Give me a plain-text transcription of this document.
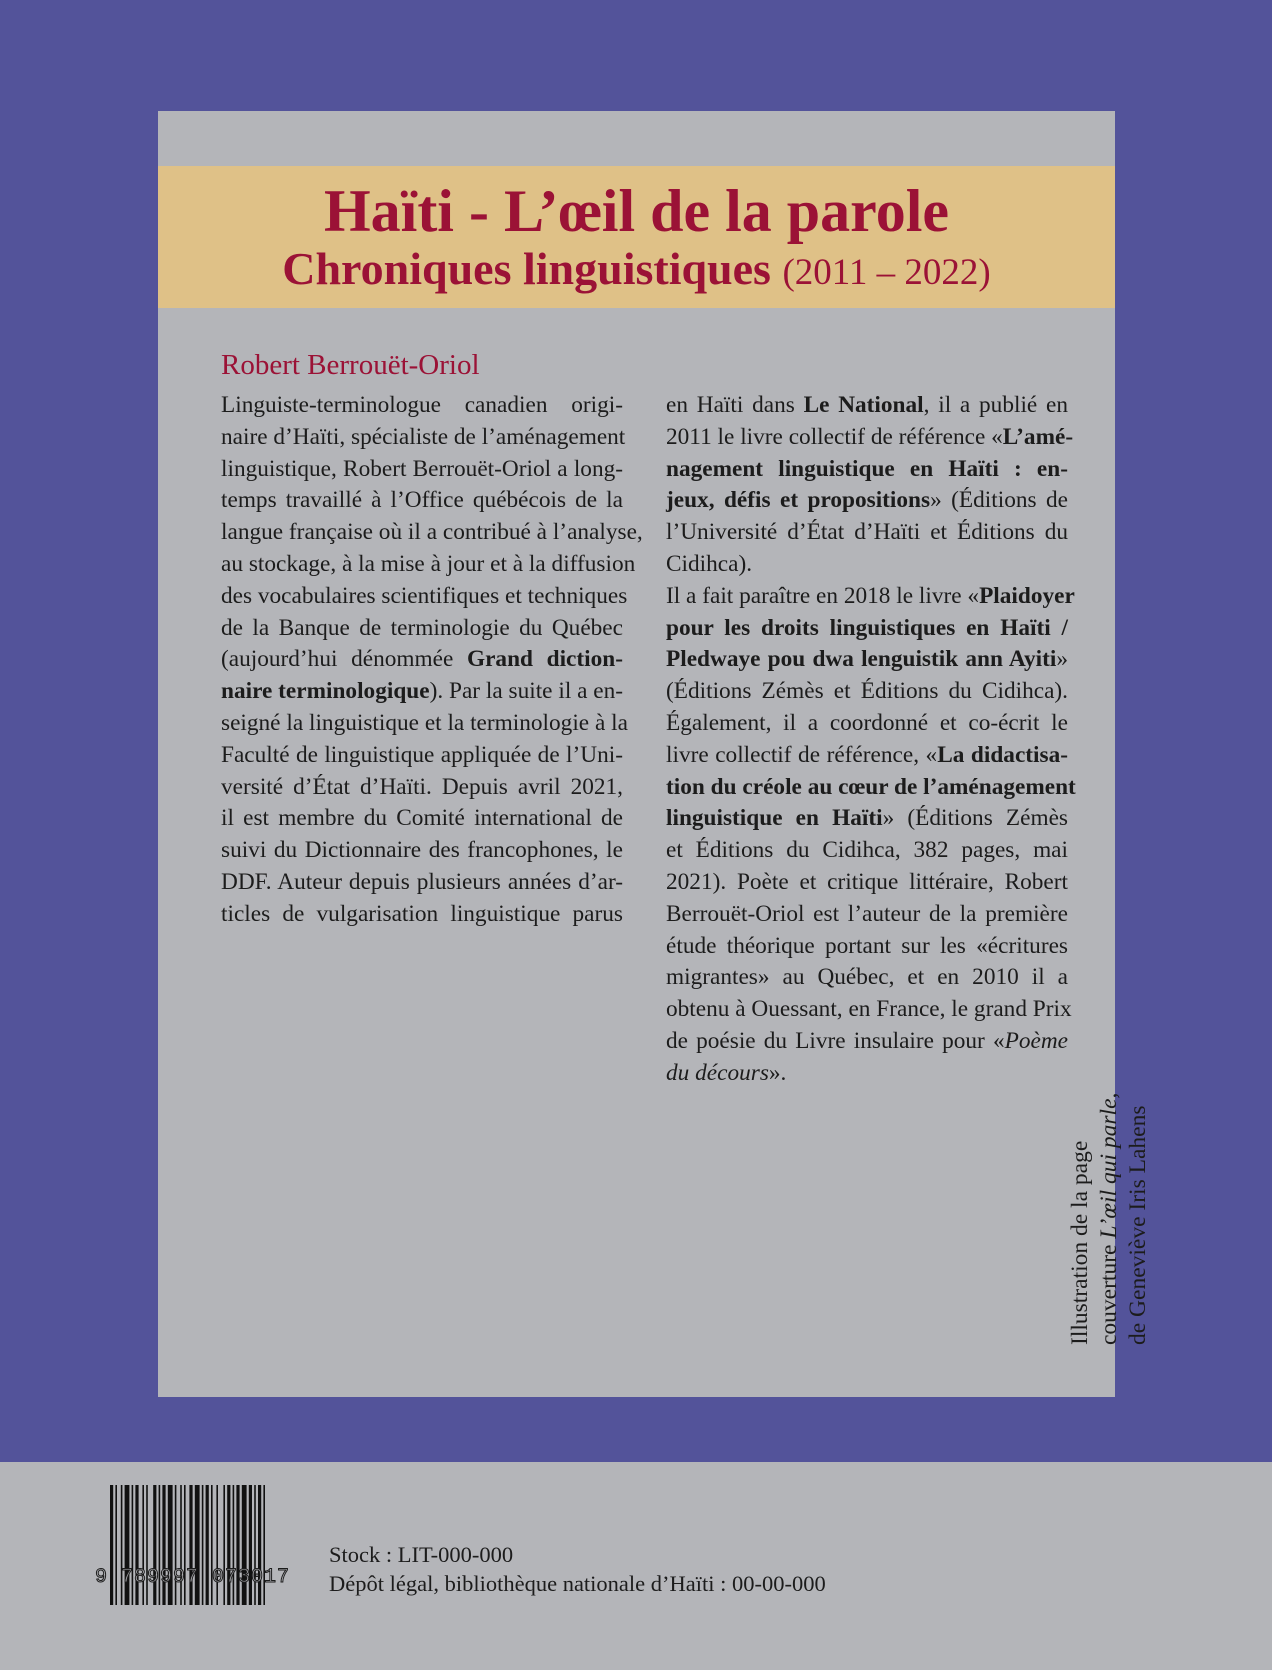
Haïti - L’œil de la parole
Chroniques linguistiques (2011 – 2022)
Robert Berrouët-Oriol
Linguiste-terminologue canadien origi-
naire d’Haïti, spécialiste de l’aménagement
linguistique, Robert Berrouët-Oriol a long-
temps travaillé à l’Office québécois de la
langue française où il a contribué à l’analyse,
au stockage, à la mise à jour et à la diffusion
des vocabulaires scientifiques et techniques
de la Banque de terminologie du Québec
(aujourd’hui dénommée Grand diction-
naire terminologique). Par la suite il a en-
seigné la linguistique et la terminologie à la
Faculté de linguistique appliquée de l’Uni-
versité d’État d’Haïti. Depuis avril 2021,
il est membre du Comité international de
suivi du Dictionnaire des francophones, le
DDF. Auteur depuis plusieurs années d’ar-
ticles de vulgarisation linguistique parus
en Haïti dans Le National, il a publié en
2011 le livre collectif de référence «L’amé-
nagement linguistique en Haïti : en-
jeux, défis et propositions» (Éditions de
l’Université d’État d’Haïti et Éditions du
Cidihca).
Il a fait paraître en 2018 le livre «Plaidoyer
pour les droits linguistiques en Haïti /
Pledwaye pou dwa lenguistik ann Ayiti»
(Éditions Zémès et Éditions du Cidihca).
Également, il a coordonné et co-écrit le
livre collectif de référence, «La didactisa-
tion du créole au cœur de l’aménagement
linguistique en Haïti» (Éditions Zémès
et Éditions du Cidihca, 382 pages, mai
2021). Poète et critique littéraire, Robert
Berrouët-Oriol est l’auteur de la première
étude théorique portant sur les «écritures
migrantes» au Québec, et en 2010 il a
obtenu à Ouessant, en France, le grand Prix
de poésie du Livre insulaire pour «Poème
du décours».
Illustration de la page couverture L’œil qui parle, de Geneviève Iris Lahens
9 789997 073017
Stock : LIT-000-000
Dépôt légal, bibliothèque nationale d’Haïti : 00-00-000
